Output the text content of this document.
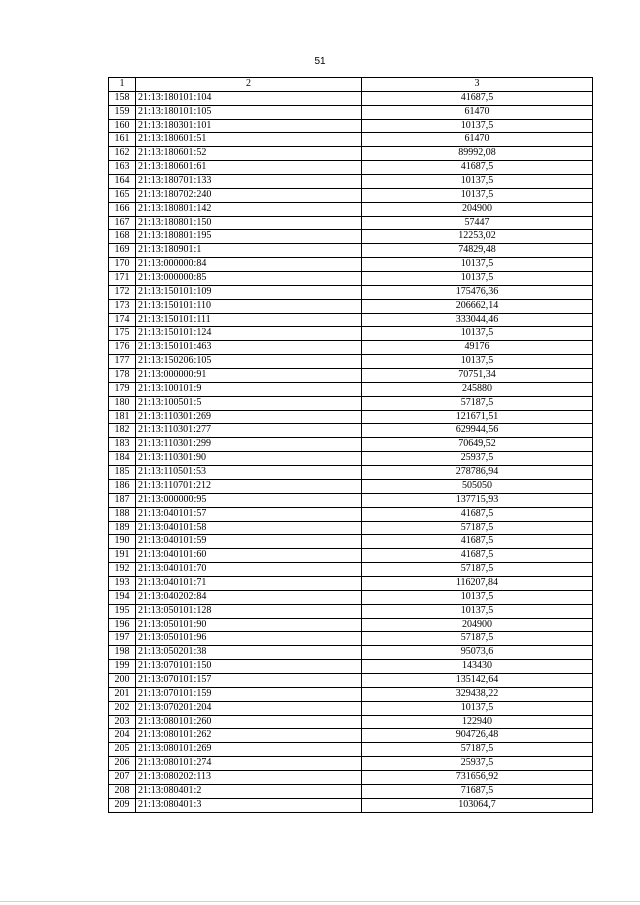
51
1	2	3
158	21:13:180101:104	41687,5
159	21:13:180101:105	61470
160	21:13:180301:101	10137,5
161	21:13:180601:51	61470
162	21:13:180601:52	89992,08
163	21:13:180601:61	41687,5
164	21:13:180701:133	10137,5
165	21:13:180702:240	10137,5
166	21:13:180801:142	204900
167	21:13:180801:150	57447
168	21:13:180801:195	12253,02
169	21:13:180901:1	74829,48
170	21:13:000000:84	10137,5
171	21:13:000000:85	10137,5
172	21:13:150101:109	175476,36
173	21:13:150101:110	206662,14
174	21:13:150101:111	333044,46
175	21:13:150101:124	10137,5
176	21:13:150101:463	49176
177	21:13:150206:105	10137,5
178	21:13:000000:91	70751,34
179	21:13:100101:9	245880
180	21:13:100501:5	57187,5
181	21:13:110301:269	121671,51
182	21:13:110301:277	629944,56
183	21:13:110301:299	70649,52
184	21:13:110301:90	25937,5
185	21:13:110501:53	278786,94
186	21:13:110701:212	505050
187	21:13:000000:95	137715,93
188	21:13:040101:57	41687,5
189	21:13:040101:58	57187,5
190	21:13:040101:59	41687,5
191	21:13:040101:60	41687,5
192	21:13:040101:70	57187,5
193	21:13:040101:71	116207,84
194	21:13:040202:84	10137,5
195	21:13:050101:128	10137,5
196	21:13:050101:90	204900
197	21:13:050101:96	57187,5
198	21:13:050201:38	95073,6
199	21:13:070101:150	143430
200	21:13:070101:157	135142,64
201	21:13:070101:159	329438,22
202	21:13:070201:204	10137,5
203	21:13:080101:260	122940
204	21:13:080101:262	904726,48
205	21:13:080101:269	57187,5
206	21:13:080101:274	25937,5
207	21:13:080202:113	731656,92
208	21:13:080401:2	71687,5
209	21:13:080401:3	103064,7
